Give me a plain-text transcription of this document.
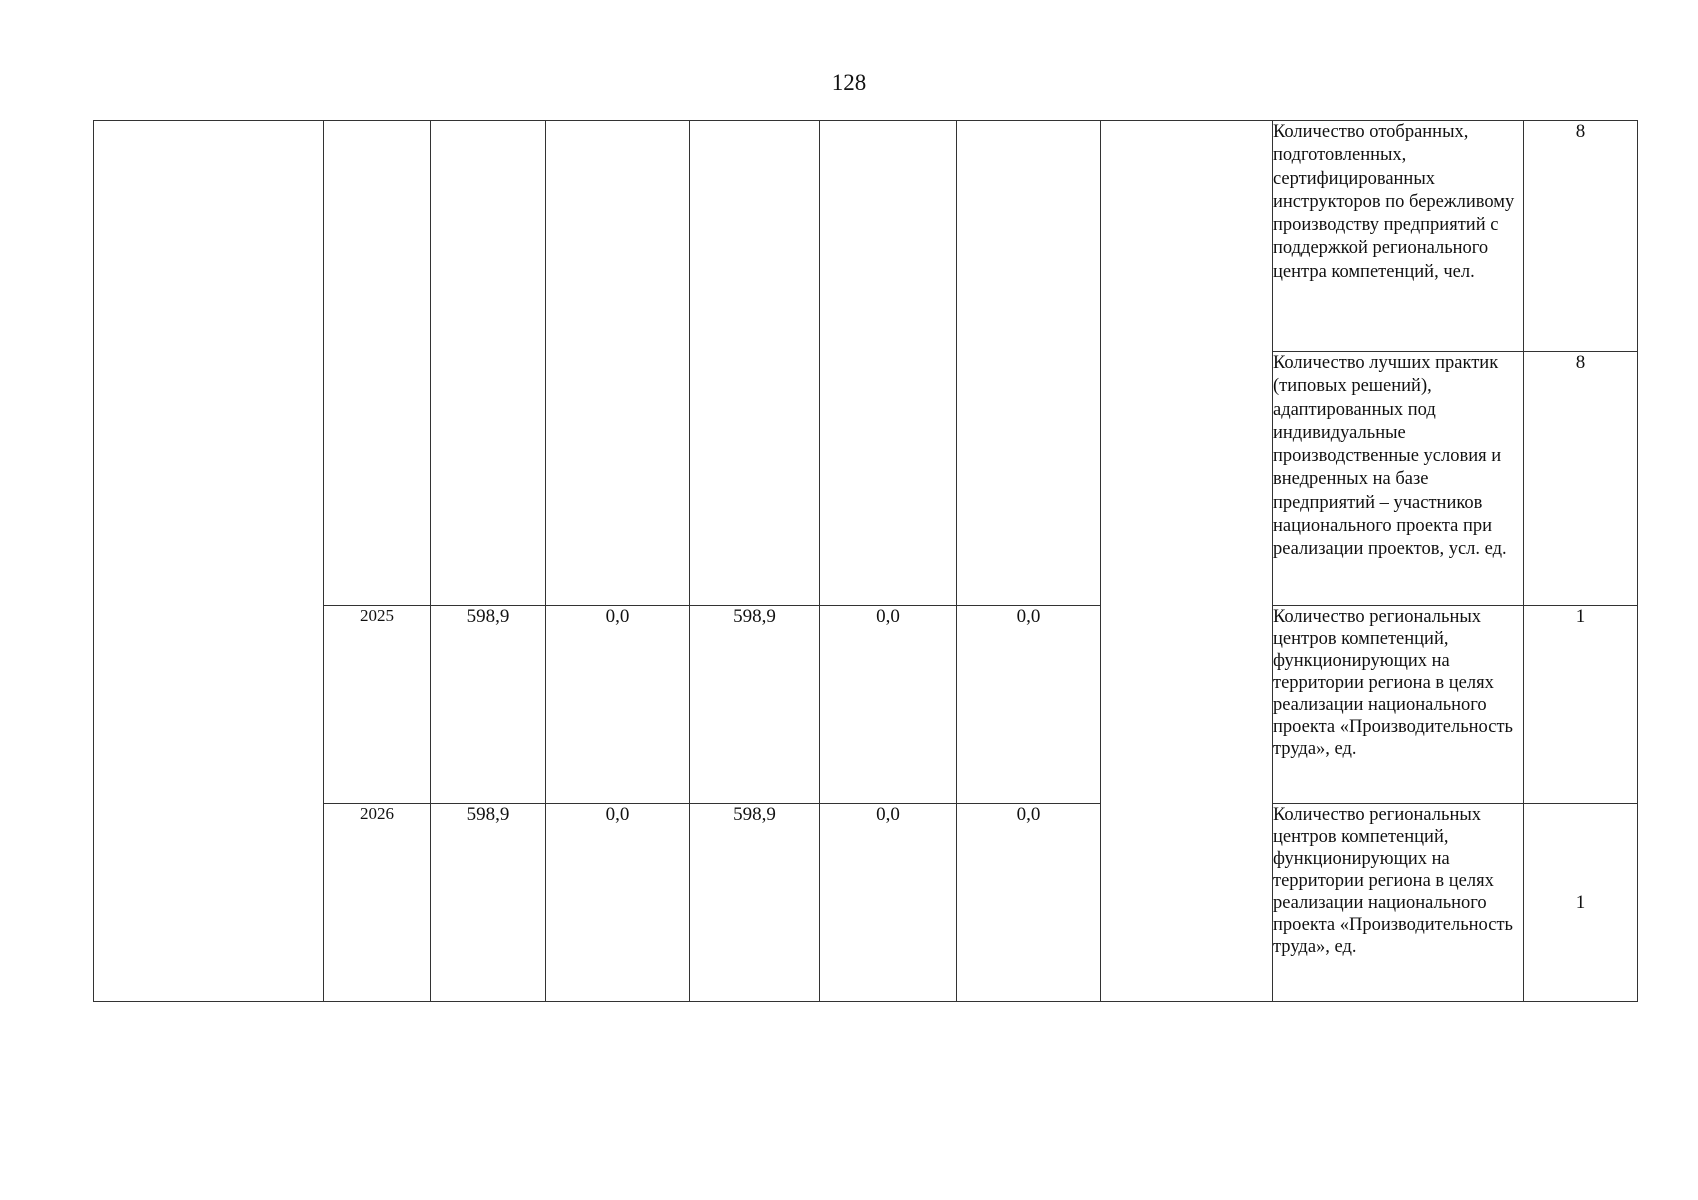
128
								Количество отобранных, подготовленных, сертифицированных инструкторов по бережливому производству предприятий с поддержкой регионального центра компетенций, чел.	8
								Количество лучших практик (типовых решений), адаптированных под индивидуальные производственные условия и внедренных на базе предприятий – участников национального проекта при реализации проектов, усл. ед.	8
	2025	598,9	0,0	598,9	0,0	0,0		Количество региональных центров компетенций, функционирующих на территории региона в целях реализации национального проекта «Производительность труда», ед.	1
	2026	598,9	0,0	598,9	0,0	0,0		Количество региональных центров компетенций, функционирующих на территории региона в целях реализации национального проекта «Производительность труда», ед.	1
